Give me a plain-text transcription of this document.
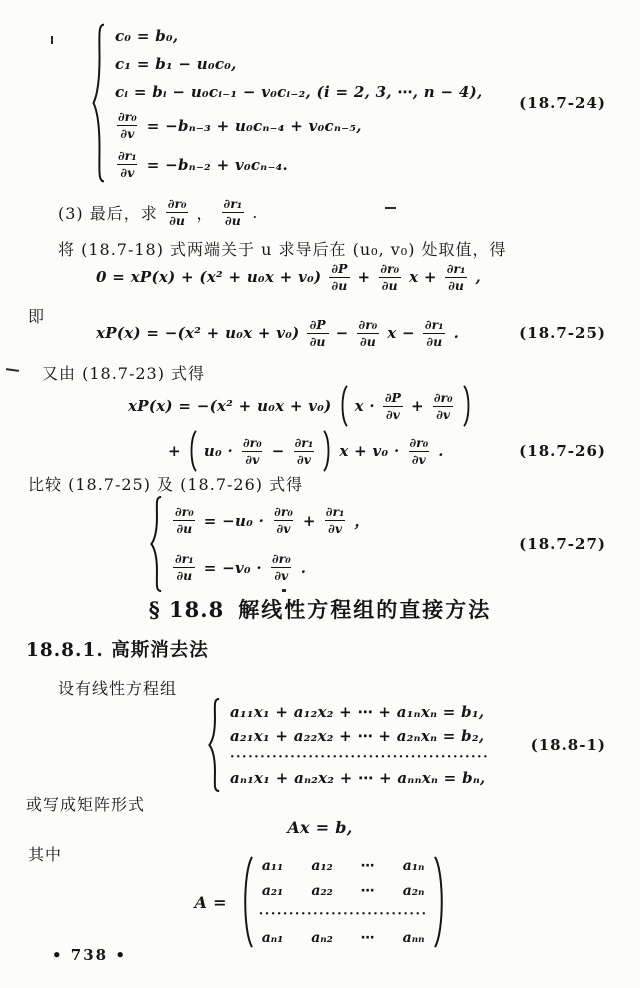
c₀ = b₀,
c₁ = b₁ − u₀c₀,
cᵢ = bᵢ − u₀cᵢ₋₁ − v₀cᵢ₋₂, (i = 2, 3, ⋯, n − 4),
$\frac{\text{∂r₀}}{\partial v} = -b_{n-3} + u_0c_{n-4} + v_0c_{n-5}$,
$\frac{\text{∂r₁}}{\partial v} = -b_{n-2} + v_0c_{n-4}$.
(18.7-24)
(3) 最后，求 $\frac{\text{∂r₀}}{\partial u}$ ， $\frac{\text{∂r₁}}{\partial u}$ .
将 (18.7-18) 式两端关于 u 求导后在 (u₀, v₀) 处取值，得
$0 = xP(x) + (x^2 + u_0x + v_0) \frac{\partial P}{\partial u} + \frac{\text{∂r₀}}{\partial u}$ $x + \frac{\text{∂r₁}}{\partial u}$ ,
即
$xP(x) = -(x^2 + u_0x + v_0) \frac{\partial P}{\partial u} - \frac{\text{∂r₀}}{\partial u}$ $x - \frac{\text{∂r₁}}{\partial u}$ .	(18.7-25)
又由 (18.7-23) 式得
xP(x) = −(x² + u₀x + v₀) $x \cdot \frac{\partial P}{\partial v} + \frac{\text{∂r₀}}{\partial v}$
+ $u_0 \cdot \frac{\text{∂r₀}}{\partial v} - \frac{\text{∂r₁}}{\partial v}$ $x + v_0 \cdot \frac{\text{∂r₀}}{\partial v}$ .	(18.7-26)
比较 (18.7-25) 及 (18.7-26) 式得
$\frac{\text{∂r₀}}{\partial u} = -u_0 \cdot \frac{\text{∂r₀}}{\partial v} + \frac{\text{∂r₁}}{\partial v}$ ，
$\frac{\text{∂r₁}}{\partial u} = -v_0 \cdot \frac{\text{∂r₀}}{\partial v}$ .
(18.7-27)
§ 18.8 解线性方程组的直接方法
18.8.1. 高斯消去法
设有线性方程组
a₁₁x₁ + a₁₂x₂ + ⋯ + a₁ₙxₙ = b₁,
a₂₁x₁ + a₂₂x₂ + ⋯ + a₂ₙxₙ = b₂,
···········································
aₙ₁x₁ + aₙ₂x₂ + ⋯ + aₙₙxₙ = bₙ,
(18.8-1)
或写成矩阵形式
Ax = b,
其中
A =
a₁₁ a₁₂ ⋯ a₁ₙ
a₂₁ a₂₂ ⋯ a₂ₙ
····························
aₙ₁ aₙ₂ ⋯ aₙₙ
• 738 •
